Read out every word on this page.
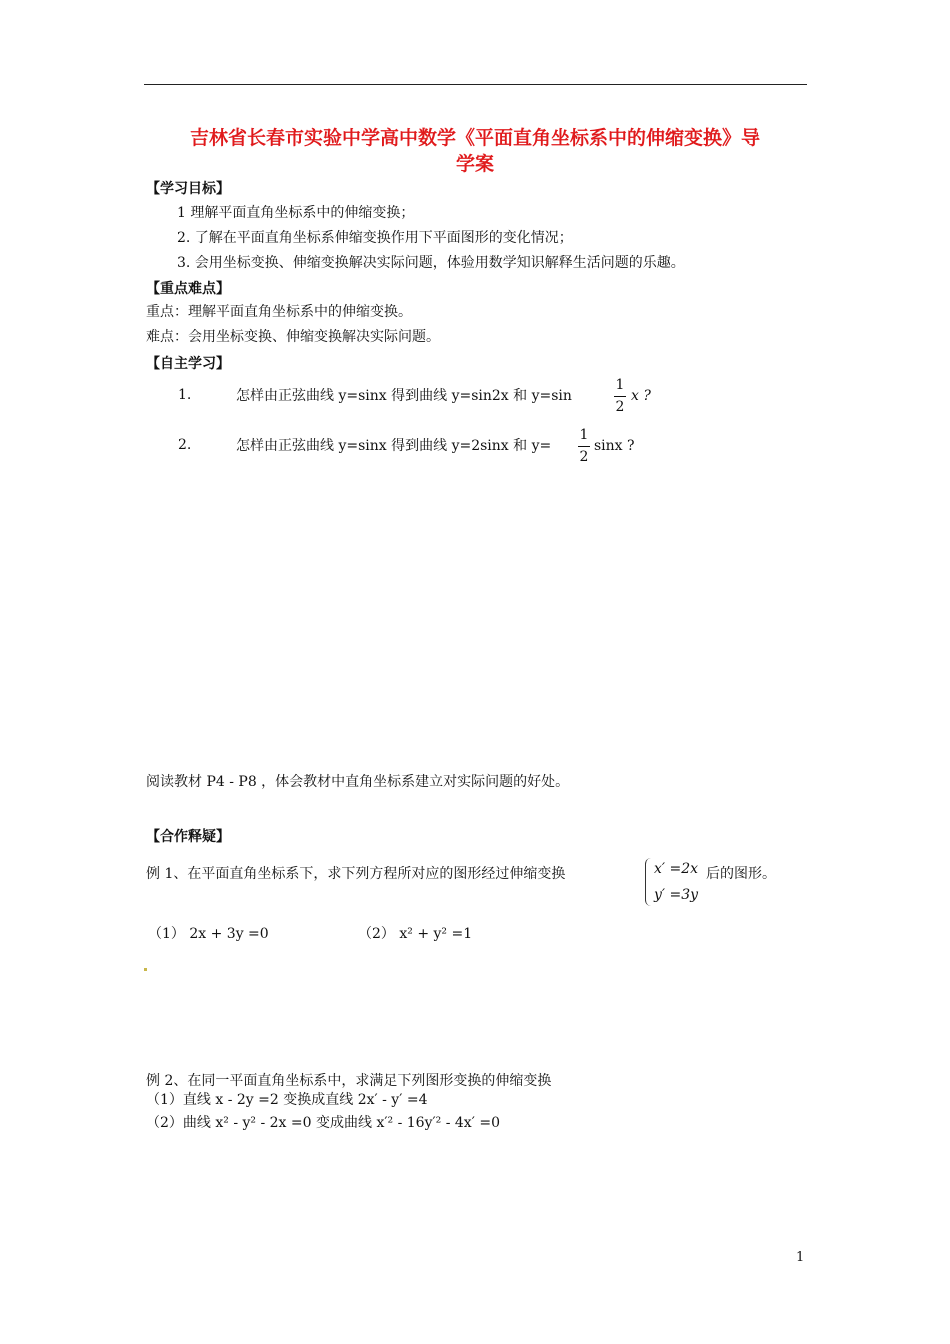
吉林省长春市实验中学高中数学《平面直角坐标系中的伸缩变换》导
学案
【学习目标】
1 理解平面直角坐标系中的伸缩变换；
2. 了解在平面直角坐标系伸缩变换作用下平面图形的变化情况；
3. 会用坐标变换、伸缩变换解决实际问题，体验用数学知识解释生活问题的乐趣。
【重点难点】
重点：理解平面直角坐标系中的伸缩变换。
难点：会用坐标变换、伸缩变换解决实际问题。
【自主学习】
1.	怎样由正弦曲线 y=sinx 得到曲线 y=sin2x 和 y=sin
1
2
x ?
2.	怎样由正弦曲线 y=sinx 得到曲线 y=2sinx 和 y=
1
2
sinx ?
阅读教材 P4 - P8 ，体会教材中直角坐标系建立对实际问题的好处。
【合作释疑】
例 1、在平面直角坐标系下，求下列方程所对应的图形经过伸缩变换	x′ =2x
y′ =3y
后的图形。
（1） 2x + 3y =0	（2） x² + y² =1
例 2、在同一平面直角坐标系中，求满足下列图形变换的伸缩变换
（1）直线 x - 2y =2 变换成直线 2x′ - y′ =4
（2）曲线 x² - y² - 2x =0 变成曲线 x′² - 16y′² - 4x′ =0
1
